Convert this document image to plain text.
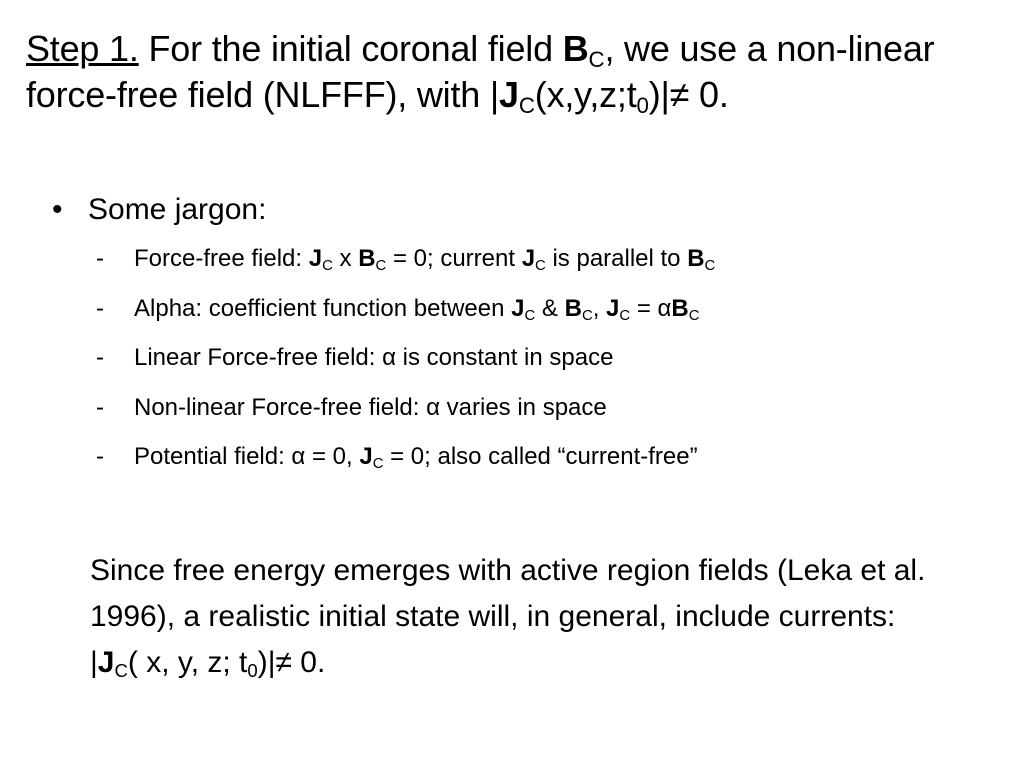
Step 1. For the initial coronal field $B_C$, we use a non-linear force-free field (NLFFF), with $|J_C(x,y,z;t_0)|\ne 0$.
• Some jargon:
- Force-free field: $J_C$ x $B_C = 0$; current $J_C$ is parallel to $B_C$
- Alpha: coefficient function between $J_C$ & $B_C$, $J_C = \alpha B_C$
- Linear Force-free field: α is constant in space
- Non-linear Force-free field: α varies in space
- Potential field: α = 0, $J_C = 0$; also called “current-free”
Since free energy emerges with active region fields (Leka et al. 1996), a realistic initial state will, in general, include currents: $|J_C$( x, y, z; $t_0)|\ne 0$.
